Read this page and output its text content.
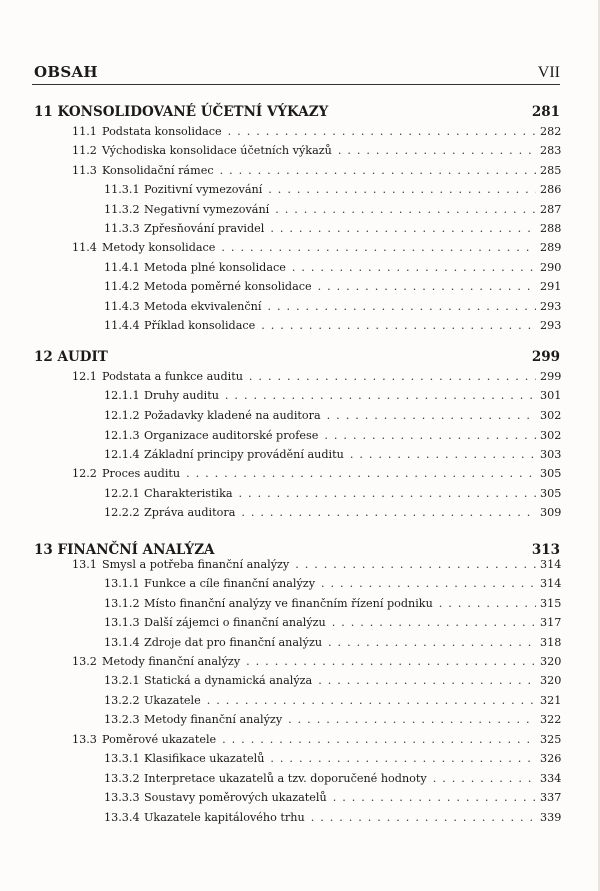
OBSAH	VII
11 KONSOLIDOVANÉ ÚČETNÍ VÝKAZY	281
11.1 Podstata konsolidace . . .	282
11.2 Východiska konsolidace účetních výkazů . . .	283
11.3 Konsolidační rámec . . .	285
11.3.1 Pozitivní vymezování . . .	286
11.3.2 Negativní vymezování . . .	287
11.3.3 Zpřesňování pravidel . . .	288
11.4 Metody konsolidace . . .	289
11.4.1 Metoda plné konsolidace . . .	290
11.4.2 Metoda poměrné konsolidace . . .	291
11.4.3 Metoda ekvivalenční . . .	293
11.4.4 Příklad konsolidace . . .	293
12 AUDIT	299
12.1 Podstata a funkce auditu . . .	299
12.1.1 Druhy auditu . . .	301
12.1.2 Požadavky kladené na auditora . . .	302
12.1.3 Organizace auditorské profese . . .	302
12.1.4 Základní principy provádění auditu . . .	303
12.2 Proces auditu . . .	305
12.2.1 Charakteristika . . .	305
12.2.2 Zpráva auditora . . .	309
13 FINANČNÍ ANALÝZA	313
13.1 Smysl a potřeba finanční analýzy . . .	314
13.1.1 Funkce a cíle finanční analýzy . . .	314
13.1.2 Místo finanční analýzy ve finančním řízení podniku . . .	315
13.1.3 Další zájemci o finanční analýzu . . .	317
13.1.4 Zdroje dat pro finanční analýzu . . .	318
13.2 Metody finanční analýzy . . .	320
13.2.1 Statická a dynamická analýza . . .	320
13.2.2 Ukazatele . . .	321
13.2.3 Metody finanční analýzy . . .	322
13.3 Poměrové ukazatele . . .	325
13.3.1 Klasifikace ukazatelů . . .	326
13.3.2 Interpretace ukazatelů a tzv. doporučené hodnoty . . .	334
13.3.3 Soustavy poměrových ukazatelů . . .	337
13.3.4 Ukazatele kapitálového trhu . . .	339
